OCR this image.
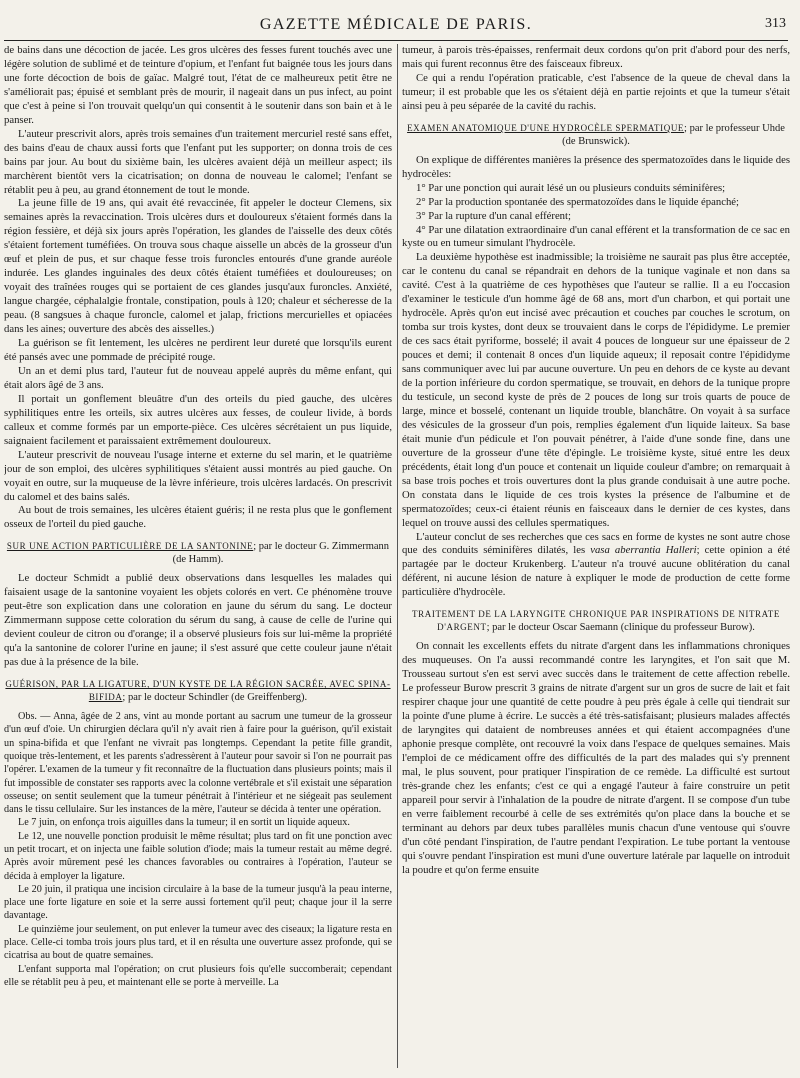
GAZETTE MÉDICALE DE PARIS.	313

de bains dans une décoction de jacée. Les gros ulcères des fesses furent touchés avec une légère solution de sublimé et de teinture d'opium, et l'enfant fut baignée tous les jours dans une forte décoction de bois de gaïac. Malgré tout, l'état de ce malheureux petit être ne s'améliorait pas; épuisé et semblant près de mourir, il nageait dans un pus infect, au point que c'est à peine si l'on trouvait quelqu'un qui consentit à le soutenir dans son bain et à le panser.

L'auteur prescrivit alors, après trois semaines d'un traitement mercuriel resté sans effet, des bains d'eau de chaux aussi forts que l'enfant put les supporter; on donna trois de ces bains par jour. Au bout du sixième bain, les ulcères avaient déjà un meilleur aspect; ils marchèrent bientôt vers la cicatrisation; on donna de nouveau le calomel; l'enfant se rétablit peu à peu, au grand étonnement de tout le monde.

La jeune fille de 19 ans, qui avait été revaccinée, fit appeler le docteur Clemens, six semaines après la revaccination. Trois ulcères durs et douloureux s'étaient formés dans la région fessière, et déjà six jours après l'opération, les glandes de l'aisselle des deux côtés s'étaient fortement tuméfiées. On trouva sous chaque aisselle un abcès de la grosseur d'un œuf et plein de pus, et sur chaque fesse trois furoncles entourés d'une grande auréole indurée. Les glandes inguinales des deux côtés étaient tuméfiées et douloureuses; on voyait des traînées rouges qui se portaient de ces glandes jusqu'aux furoncles. Anxiété, langue chargée, céphalalgie frontale, constipation, pouls à 120; chaleur et sécheresse de la peau. (8 sangsues à chaque furoncle, calomel et jalap, frictions mercurielles et opiacées dans les aines; ouverture des abcès des aisselles.)

La guérison se fit lentement, les ulcères ne perdirent leur dureté que lorsqu'ils eurent été pansés avec une pommade de précipité rouge.

Un an et demi plus tard, l'auteur fut de nouveau appelé auprès du même enfant, qui était alors âgé de 3 ans.

Il portait un gonflement bleuâtre d'un des orteils du pied gauche, des ulcères syphilitiques entre les orteils, six autres ulcères aux fesses, de couleur livide, à bords calleux et comme formés par un emporte-pièce. Ces ulcères sécrétaient un pus liquide, saignaient facilement et paraissaient extrêmement douloureux.

L'auteur prescrivit de nouveau l'usage interne et externe du sel marin, et le quatrième jour de son emploi, des ulcères syphilitiques s'étaient aussi montrés au pied gauche. On voyait en outre, sur la muqueuse de la lèvre inférieure, trois ulcères lardacés. On prescrivit du calomel et des bains salés.

Au bout de trois semaines, les ulcères étaient guéris; il ne resta plus que le gonflement osseux de l'orteil du pied gauche.

SUR UNE ACTION PARTICULIÈRE DE LA SANTONINE; par le docteur G. Zimmermann (de Hamm).

Le docteur Schmidt a publié deux observations dans lesquelles les malades qui faisaient usage de la santonine voyaient les objets colorés en vert. Ce phénomène trouve peut-être son explication dans une coloration en jaune du sérum du sang. Le docteur Zimmermann suppose cette coloration du sérum du sang, à cause de celle de l'urine qui devient couleur de citron ou d'orange; il a observé plusieurs fois sur lui-même la propriété qu'a la santonine de colorer l'urine en jaune; il s'est assuré que cette couleur jaune n'était pas due à la présence de la bile.

GUÉRISON, PAR LA LIGATURE, D'UN KYSTE DE LA RÉGION SACRÉE, AVEC SPINA-BIFIDA; par le docteur Schindler (de Greiffenberg).

Obs. — Anna, âgée de 2 ans, vint au monde portant au sacrum une tumeur de la grosseur d'un œuf d'oie. Un chirurgien déclara qu'il n'y avait rien à faire pour la guérison, qu'il existait un spina-bifida et que l'enfant ne vivrait pas longtemps. Cependant la petite fille grandit, quoique très-lentement, et les parents s'adressèrent à l'auteur pour savoir si l'on ne pourrait pas l'opérer. L'examen de la tumeur y fit reconnaître de la fluctuation dans plusieurs points; mais il fut impossible de constater ses rapports avec la colonne vertébrale et s'il existait une séparation osseuse; on sentit seulement que la tumeur pénétrait à l'intérieur et ne siégeait pas seulement dans le tissu cellulaire. Sur les instances de la mère, l'auteur se décida à tenter une opération.

Le 7 juin, on enfonça trois aiguilles dans la tumeur; il en sortit un liquide aqueux.

Le 12, une nouvelle ponction produisit le même résultat; plus tard on fit une ponction avec un petit trocart, et on injecta une faible solution d'iode; mais la tumeur restait au même degré. Après avoir mûrement pesé les chances favorables ou contraires à l'opération, l'auteur se décida à employer la ligature.

Le 20 juin, il pratiqua une incision circulaire à la base de la tumeur jusqu'à la peau interne, place une forte ligature en soie et la serre aussi fortement qu'il peut; chaque jour il la serre davantage.

Le quinzième jour seulement, on put enlever la tumeur avec des ciseaux; la ligature resta en place. Celle-ci tomba trois jours plus tard, et il en résulta une ouverture assez profonde, qui se cicatrisa au bout de quatre semaines.

L'enfant supporta mal l'opération; on crut plusieurs fois qu'elle succomberait; cependant elle se rétablit peu à peu, et maintenant elle se porte à merveille. La

tumeur, à parois très-épaisses, renfermait deux cordons qu'on prit d'abord pour des nerfs, mais qui furent reconnus être des faisceaux fibreux.

Ce qui a rendu l'opération praticable, c'est l'absence de la queue de cheval dans la tumeur; il est probable que les os s'étaient déjà en partie rejoints et que la tumeur s'était ainsi peu à peu séparée de la cavité du rachis.

EXAMEN ANATOMIQUE D'UNE HYDROCÈLE SPERMATIQUE; par le professeur Uhde (de Brunswick).

On explique de différentes manières la présence des spermatozoïdes dans le liquide des hydrocèles:

1° Par une ponction qui aurait lésé un ou plusieurs conduits séminifères;

2° Par la production spontanée des spermatozoïdes dans le liquide épanché;

3° Par la rupture d'un canal efférent;

4° Par une dilatation extraordinaire d'un canal efférent et la transformation de ce sac en kyste ou en tumeur simulant l'hydrocèle.

La deuxième hypothèse est inadmissible; la troisième ne saurait pas plus être acceptée, car le contenu du canal se répandrait en dehors de la tunique vaginale et non dans sa cavité. C'est à la quatrième de ces hypothèses que l'auteur se rallie. Il a eu l'occasion d'examiner le testicule d'un homme âgé de 68 ans, mort d'un charbon, et qui portait une hydrocèle. Après qu'on eut incisé avec précaution et couches par couches le scrotum, on tomba sur trois kystes, dont deux se trouvaient dans le corps de l'épididyme. Le premier de ces sacs était pyriforme, bosselé; il avait 4 pouces de longueur sur une épaisseur de 2 pouces et demi; il contenait 8 onces d'un liquide aqueux; il reposait contre l'épididyme sans communiquer avec lui par aucune ouverture. Un peu en dehors de ce kyste au devant de la portion inférieure du cordon spermatique, se trouvait, en dehors de la tunique propre du testicule, un second kyste de près de 2 pouces de long sur trois quarts de pouce de large, mince et bosselé, contenant un liquide trouble, blanchâtre. On voyait à sa surface des vésicules de la grosseur d'un pois, remplies également d'un liquide laiteux. Sa base était munie d'un pédicule et l'on pouvait pénétrer, à l'aide d'une sonde fine, dans une ouverture de la grosseur d'une tête d'épingle. Le troisième kyste, situé entre les deux précédents, était long d'un pouce et contenait un liquide couleur d'ambre; on remarquait à sa base trois poches et trois ouvertures dont la plus grande conduisait à une autre poche. On constata dans le liquide de ces trois kystes la présence de l'albumine et de spermatozoïdes; ceux-ci étaient réunis en faisceaux dans le dernier de ces kystes, dans lequel on trouve aussi des cellules spermatiques.

L'auteur conclut de ses recherches que ces sacs en forme de kystes ne sont autre chose que des conduits séminifères dilatés, les vasa aberrantia Halleri; cette opinion a été partagée par le docteur Krukenberg. L'auteur n'a trouvé aucune oblitération du canal déférent, ni aucune lésion de nature à expliquer le mode de production de cette forme particulière d'hydrocèle.

TRAITEMENT DE LA LARYNGITE CHRONIQUE PAR INSPIRATIONS DE NITRATE D'ARGENT; par le docteur Oscar Saemann (clinique du professeur Burow).

On connait les excellents effets du nitrate d'argent dans les inflammations chroniques des muqueuses. On l'a aussi recommandé contre les laryngites, et l'on sait que M. Trousseau surtout s'en est servi avec succès dans le traitement de cette affection rebelle. Le professeur Burow prescrit 3 grains de nitrate d'argent sur un gros de sucre de lait et fait respirer chaque jour une quantité de cette poudre à peu près égale à celle qui tiendrait sur la pointe d'une plume à écrire. Le succès a été très-satisfaisant; plusieurs malades affectés de laryngites qui dataient de nombreuses années et qui étaient accompagnées d'une aphonie presque complète, ont recouvré la voix dans l'espace de quelques semaines. Mais l'emploi de ce médicament offre des difficultés de la part des malades qui s'y prennent mal, le plus souvent, pour pratiquer l'inspiration de ce remède. La difficulté est surtout très-grande chez les enfants; c'est ce qui a engagé l'auteur à faire construire un petit appareil pour servir à l'inhalation de la poudre de nitrate d'argent. Il se compose d'un tube en verre faiblement recourbé à celle de ses extrémités qu'on place dans la bouche et se terminant au dehors par deux tubes parallèles munis chacun d'une ventouse qui s'ouvre d'un côté pendant l'inspiration, de l'autre pendant l'expiration. Le tube portant la ventouse qui s'ouvre pendant l'inspiration est muni d'une ouverture latérale par laquelle on introduit la poudre et qu'on ferme ensuite
